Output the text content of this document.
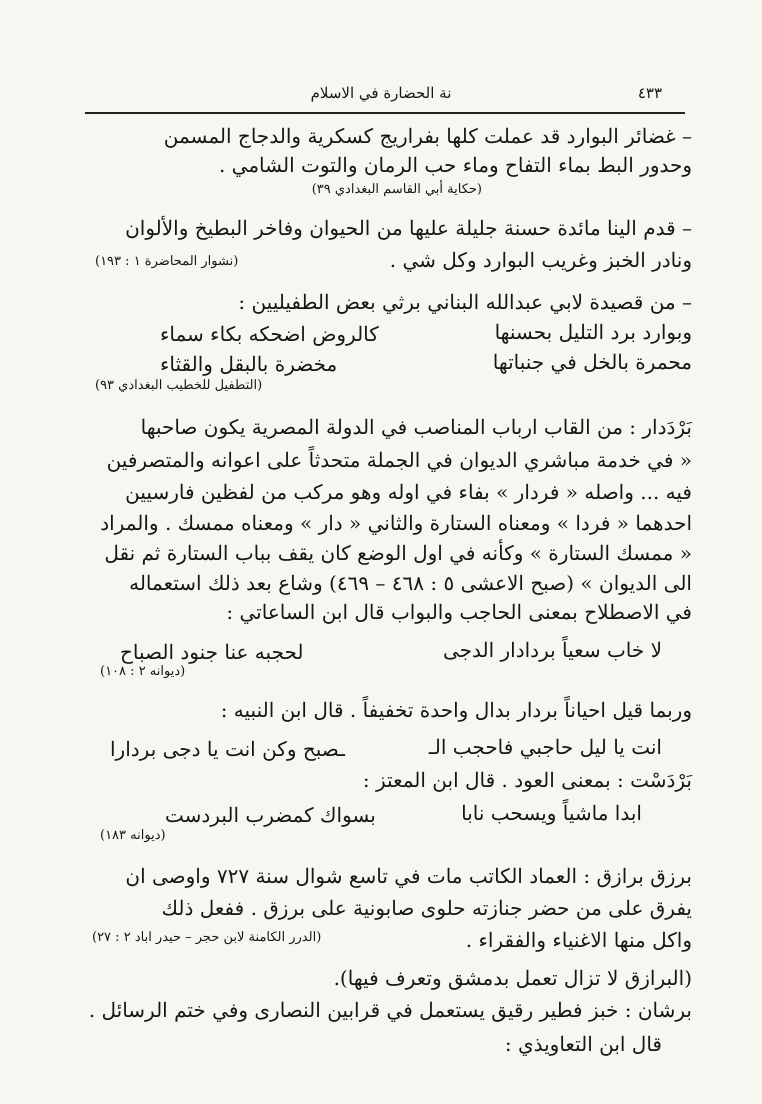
٤٣٣
نة الحضارة في الاسلام
– غضائر البوارد قد عملت كلها بفراريج كسكرية والدجاج المسمن
وحدور البط بماء التفاح وماء حب الرمان والتوت الشامي .
(حكاية أبي القاسم البغدادي ٣٩)
– قدم الينا مائدة حسنة جليلة عليها من الحيوان وفاخر البطيخ والألوان
ونادر الخبز وغريب البوارد وكل شي .
(نشوار المحاضرة ١ : ١٩٣)
– من قصيدة لابي عبدالله البناني برثي بعض الطفيليين :
وبوارد برد التليل بحسنها
كالروض اضحكه بكاء سماء
محمرة بالخل في جنباتها
مخضرة بالبقل والقثاء
(التطفيل للخطيب البغدادي ٩٣)
بَرْدَدار : من القاب ارباب المناصب في الدولة المصرية يكون صاحبها
« في خدمة مباشري الديوان في الجملة متحدثاً على اعوانه والمتصرفين
فيه ... واصله « فردار » بفاء في اوله وهو مركب من لفظين فارسيين
احدهما « فردا » ومعناه الستارة والثاني « دار » ومعناه ممسك . والمراد
« ممسك الستارة » وكأنه في اول الوضع كان يقف بباب الستارة ثم نقل
الى الديوان » (صبح الاعشى ٥ : ٤٦٨ – ٤٦٩) وشاع بعد ذلك استعماله
في الاصطلاح بمعنى الحاجب والبواب قال ابن الساعاتي :
لا خاب سعياً بردادار الدجى
لحجبه عنا جنود الصباح
(ديوانه ٢ : ١٠٨)
وربما قيل احياناً بردار بدال واحدة تخفيفاً . قال ابن النبيه :
انت يا ليل حاجبي فاحجب الـ
ـصبح وكن انت يا دجى بردارا
بَرْدَسْت : بمعنى العود . قال ابن المعتز :
ابدا ماشياً ويسحب نابا
بسواك كمضرب البردست
(ديوانه ١٨٣)
برزق برازق : العماد الكاتب مات في تاسع شوال سنة ٧٢٧ واوصى ان
يفرق على من حضر جنازته حلوى صابونية على برزق . ففعل ذلك
واكل منها الاغنياء والفقراء .
(الدرر الكامنة لابن حجر – حيدر اباد ٢ : ٢٧)
(البرازق لا تزال تعمل بدمشق وتعرف فيها).
برشان : خبز فطير رقيق يستعمل في قرابين النصارى وفي ختم الرسائل .
قال ابن التعاويذي :
